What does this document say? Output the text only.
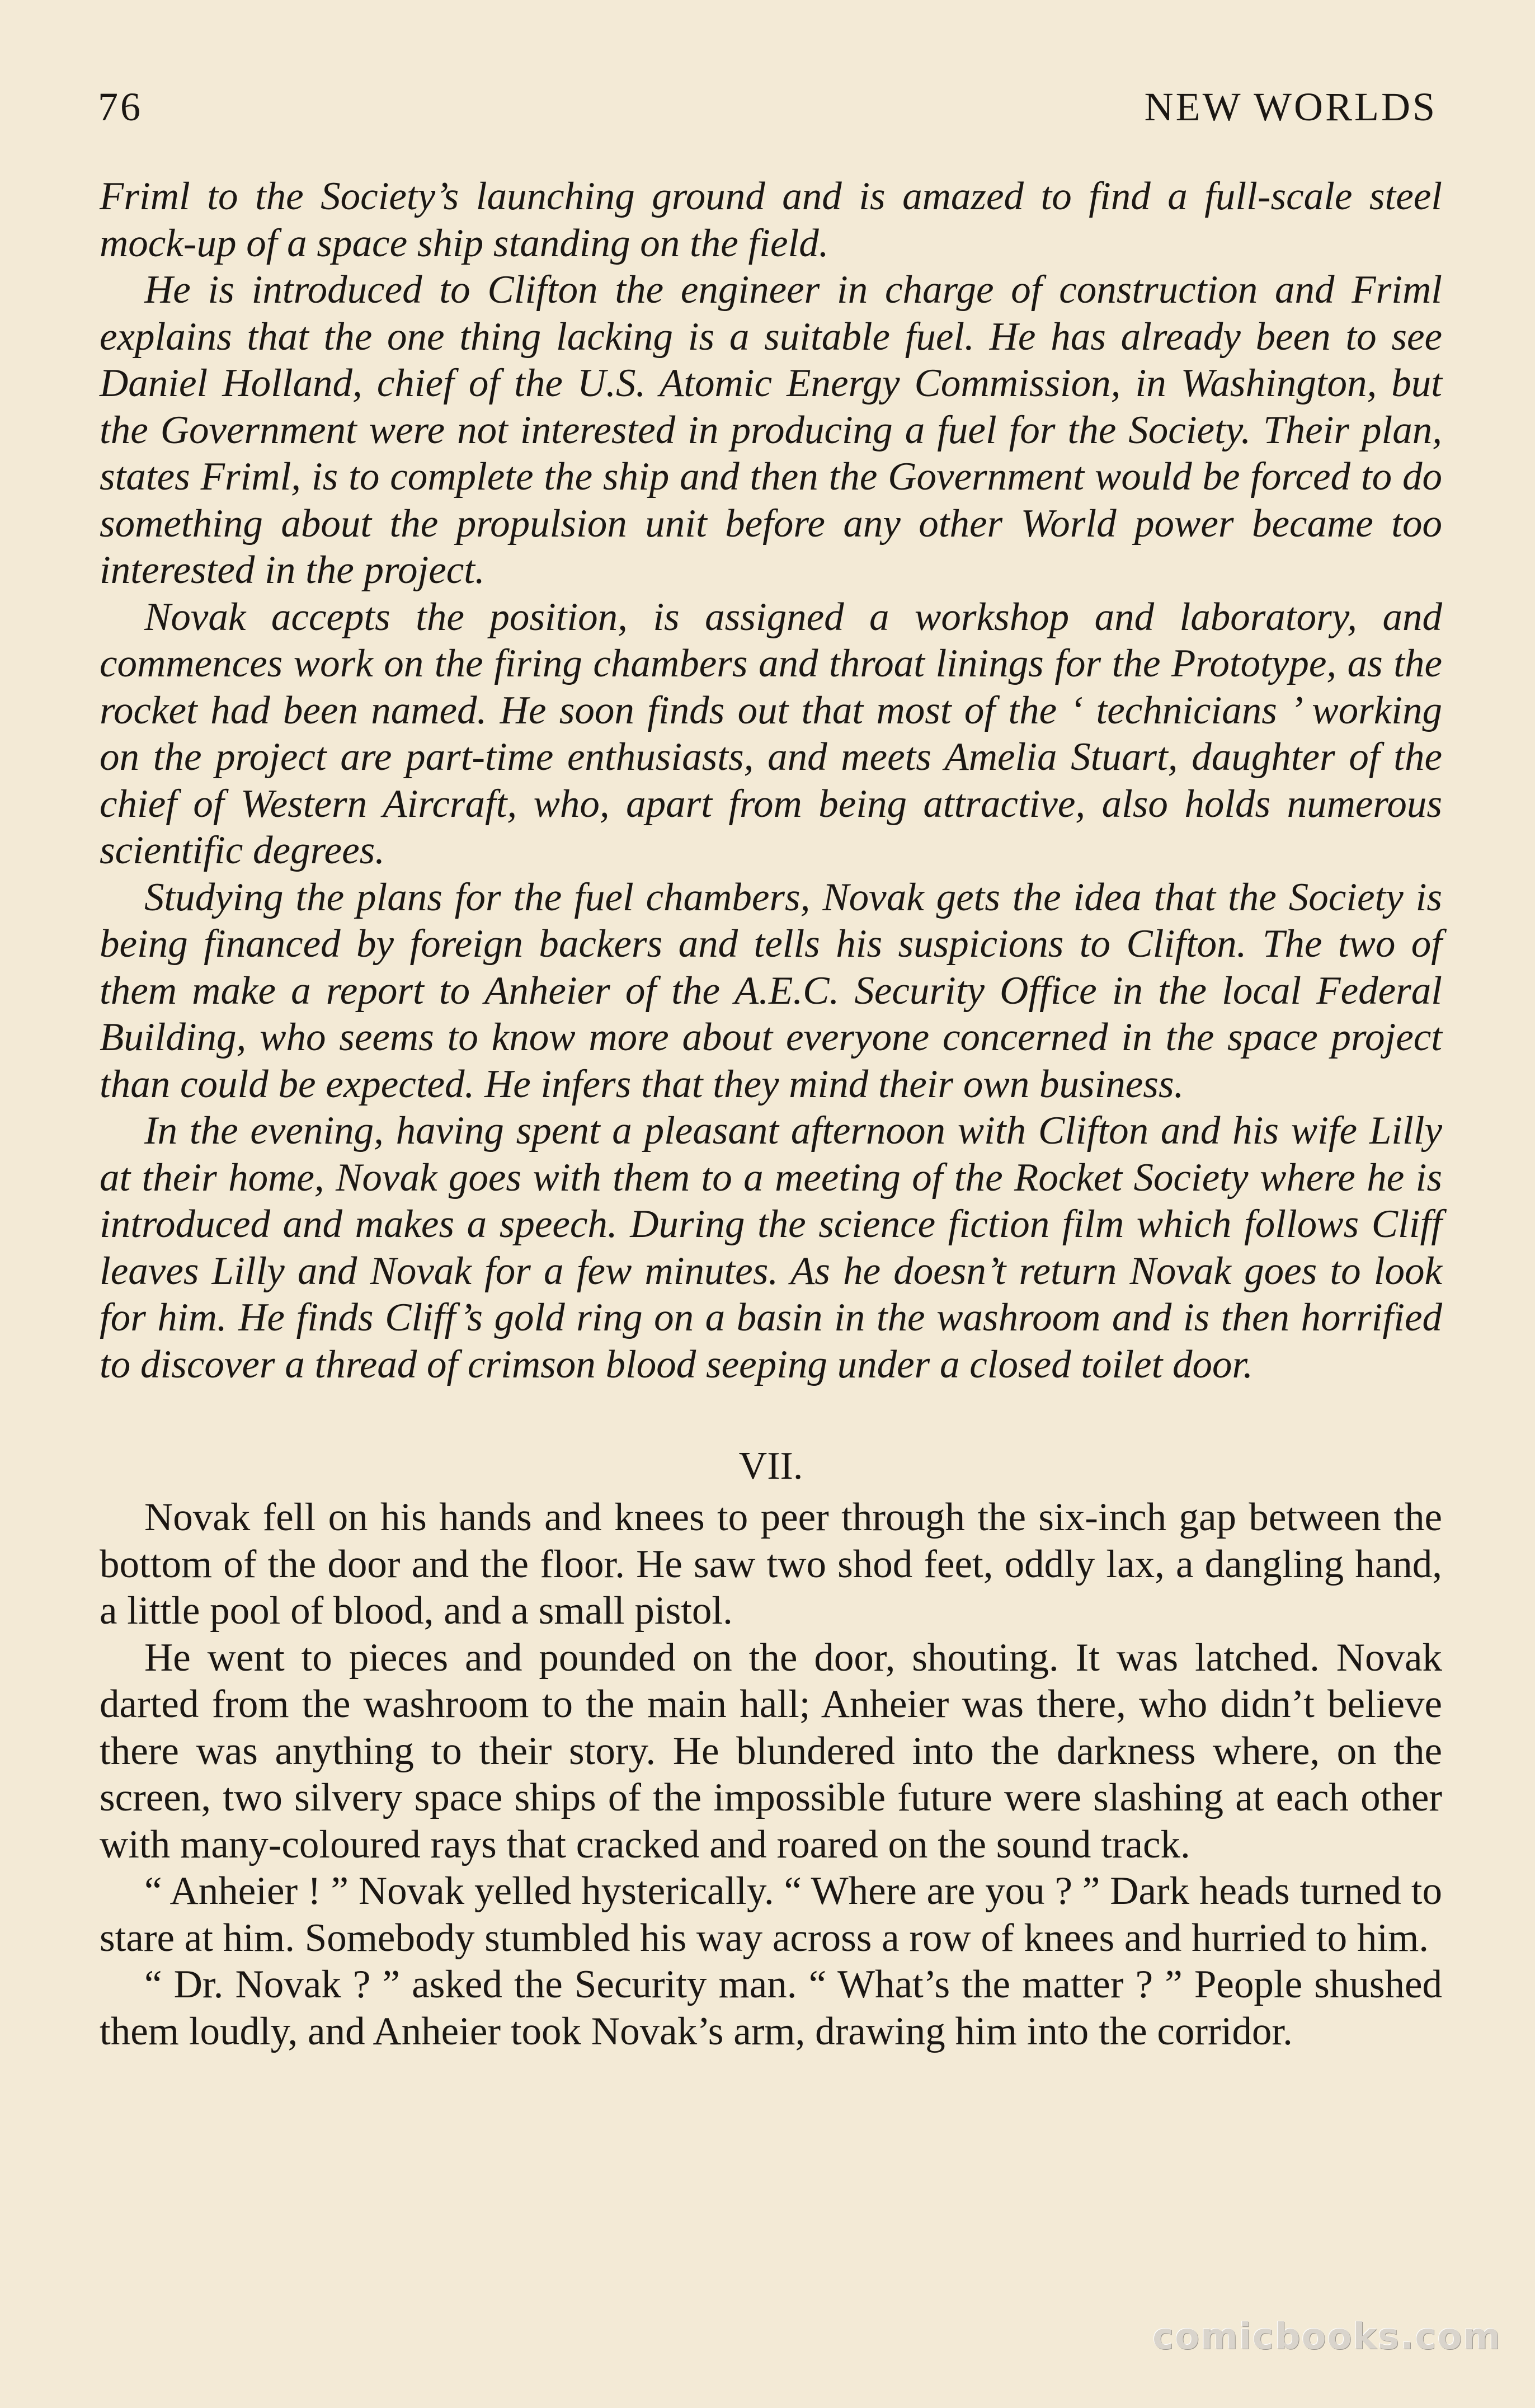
76	NEW WORLDS

Friml to the Society’s launching ground and is amazed to find a full-scale steel mock-up of a space ship standing on the field.

He is introduced to Clifton the engineer in charge of construction and Friml explains that the one thing lacking is a suitable fuel. He has already been to see Daniel Holland, chief of the U.S. Atomic Energy Commission, in Washington, but the Government were not interested in producing a fuel for the Society. Their plan, states Friml, is to complete the ship and then the Government would be forced to do something about the propulsion unit before any other World power became too interested in the project.

Novak accepts the position, is assigned a workshop and laboratory, and commences work on the firing chambers and throat linings for the Prototype, as the rocket had been named. He soon finds out that most of the ‘ technicians ’ working on the project are part-time enthusiasts, and meets Amelia Stuart, daughter of the chief of Western Aircraft, who, apart from being attractive, also holds numerous scientific degrees.

Studying the plans for the fuel chambers, Novak gets the idea that the Society is being financed by foreign backers and tells his suspicions to Clifton. The two of them make a report to Anheier of the A.E.C. Security Office in the local Federal Building, who seems to know more about everyone concerned in the space project than could be expected. He infers that they mind their own business.

In the evening, having spent a pleasant afternoon with Clifton and his wife Lilly at their home, Novak goes with them to a meeting of the Rocket Society where he is introduced and makes a speech. During the science fiction film which follows Cliff leaves Lilly and Novak for a few minutes. As he doesn’t return Novak goes to look for him. He finds Cliff’s gold ring on a basin in the washroom and is then horrified to discover a thread of crimson blood seeping under a closed toilet door.

VII.

Novak fell on his hands and knees to peer through the six-inch gap between the bottom of the door and the floor. He saw two shod feet, oddly lax, a dangling hand, a little pool of blood, and a small pistol.

He went to pieces and pounded on the door, shouting. It was latched. Novak darted from the washroom to the main hall; Anheier was there, who didn’t believe there was anything to their story. He blundered into the darkness where, on the screen, two silvery space ships of the impossible future were slashing at each other with many-coloured rays that cracked and roared on the sound track.

“ Anheier ! ” Novak yelled hysterically. “ Where are you ? ” Dark heads turned to stare at him. Somebody stumbled his way across a row of knees and hurried to him.

“ Dr. Novak ? ” asked the Security man. “ What’s the matter ? ” People shushed them loudly, and Anheier took Novak’s arm, drawing him into the corridor.

comicbooks.com
